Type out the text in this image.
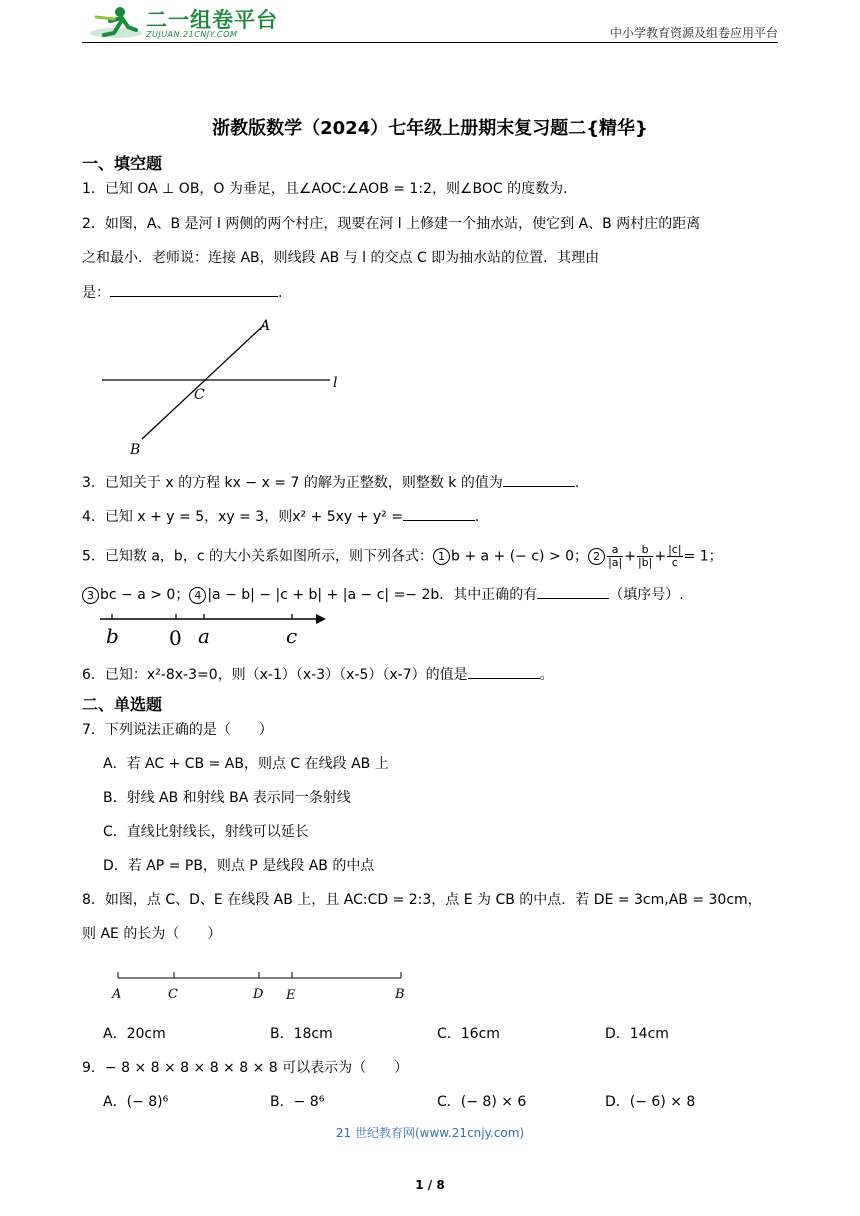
二一组卷平台
ZUJUAN.21CNJY.COM	中小学教育资源及组卷应用平台
浙教版数学（2024）七年级上册期末复习题二{精华}
一、填空题
1．已知 OA ⊥ OB，O 为垂足，且∠AOC:∠AOB = 1:2，则∠BOC 的度数为.
2．如图，A、B 是河 l 两侧的两个村庄，现要在河 l 上修建一个抽水站，使它到 A、B 两村庄的距离
之和最小．老师说：连接 AB，则线段 AB 与 l 的交点 C 即为抽水站的位置．其理由
是：	.
A
C
l
B
3．已知关于 x 的方程 kx − x = 7 的解为正整数，则整数 k 的值为	.
4．已知 x + y = 5，xy = 3，则x² + 5xy + y² =	.
5．已知数 a，b，c 的大小关系如图所示，则下列各式： 1 b + a + (− c) > 0； $2 \frac{a}{|a|} + \frac{b}{|b|} + \frac{|c|}{c} = 1$；
3 bc − a > 0； 4 |a − b| − |c + b| + |a − c| =− 2b．其中正确的有	（填序号）.
b	0 a	c
6．已知：x²-8x-3=0，则（x-1）（x-3）（x-5）（x-7）的值是	。
二、单选题
7．下列说法正确的是（　　）
A．若 AC + CB = AB，则点 C 在线段 AB 上
B．射线 AB 和射线 BA 表示同一条射线
C．直线比射线长，射线可以延长
D．若 AP = PB，则点 P 是线段 AB 的中点
8．如图，点 C、D、E 在线段 AB 上，且 AC:CD = 2:3，点 E 为 CB 的中点．若 DE = 3cm,AB = 30cm，
则 AE 的长为（　　）
A	C	D E	B
A．20cm	B．18cm	C．16cm	D．14cm
9．− 8 × 8 × 8 × 8 × 8 × 8 可以表示为（　　）
A．(− 8)⁶	B．− 8⁶	C．(− 8) × 6	D．(− 6) × 8
21 世纪教育网(www.21cnjy.com)
1 / 8
